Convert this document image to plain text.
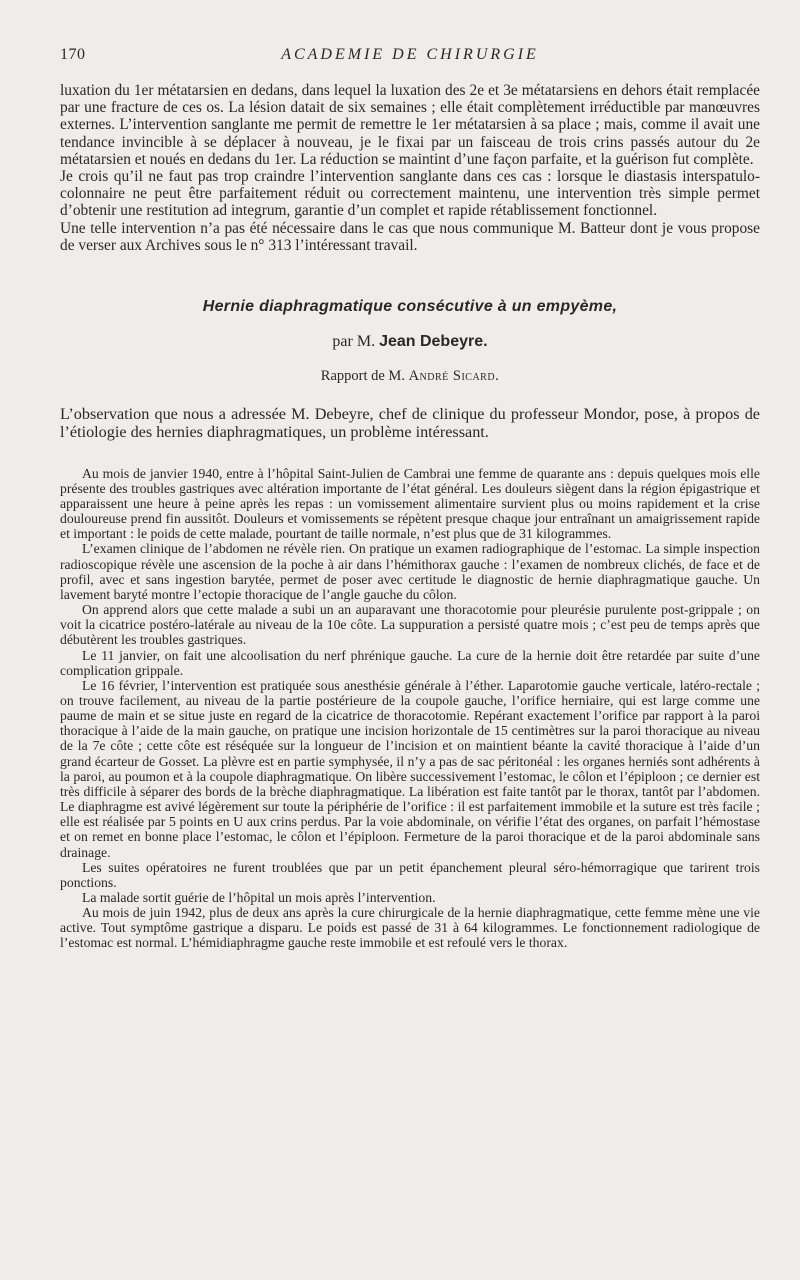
170	ACADEMIE DE CHIRURGIE

luxation du 1er métatarsien en dedans, dans lequel la luxation des 2e et 3e métatarsiens en dehors était remplacée par une fracture de ces os. La lésion datait de six semaines ; elle était complètement irréductible par manœuvres externes. L’intervention sanglante me permit de remettre le 1er métatarsien à sa place ; mais, comme il avait une tendance invincible à se déplacer à nouveau, je le fixai par un faisceau de trois crins passés autour du 2e métatarsien et noués en dedans du 1er. La réduction se maintint d’une façon parfaite, et la guérison fut complète.

Je crois qu’il ne faut pas trop craindre l’intervention sanglante dans ces cas : lorsque le diastasis interspatulo-colonnaire ne peut être parfaitement réduit ou correctement maintenu, une intervention très simple permet d’obtenir une restitution ad integrum, garantie d’un complet et rapide rétablissement fonctionnel.

Une telle intervention n’a pas été nécessaire dans le cas que nous communique M. Batteur dont je vous propose de verser aux Archives sous le n° 313 l’intéressant travail.

Hernie diaphragmatique consécutive à un empyème,
par M. Jean Debeyre.
Rapport de M. André Sicard.

L’observation que nous a adressée M. Debeyre, chef de clinique du professeur Mondor, pose, à propos de l’étiologie des hernies diaphragmatiques, un problème intéressant.

Au mois de janvier 1940, entre à l’hôpital Saint-Julien de Cambrai une femme de quarante ans : depuis quelques mois elle présente des troubles gastriques avec altération importante de l’état général. Les douleurs siègent dans la région épigastrique et apparaissent une heure à peine après les repas : un vomissement alimentaire survient plus ou moins rapidement et la crise douloureuse prend fin aussitôt. Douleurs et vomissements se répètent presque chaque jour entraînant un amaigrissement rapide et important : le poids de cette malade, pourtant de taille normale, n’est plus que de 31 kilogrammes.

L’examen clinique de l’abdomen ne révèle rien. On pratique un examen radiographique de l’estomac. La simple inspection radioscopique révèle une ascension de la poche à air dans l’hémithorax gauche : l’examen de nombreux clichés, de face et de profil, avec et sans ingestion barytée, permet de poser avec certitude le diagnostic de hernie diaphragmatique gauche. Un lavement baryté montre l’ectopie thoracique de l’angle gauche du côlon.

On apprend alors que cette malade a subi un an auparavant une thoracotomie pour pleurésie purulente post-grippale ; on voit la cicatrice postéro-latérale au niveau de la 10e côte. La suppuration a persisté quatre mois ; c’est peu de temps après que débutèrent les troubles gastriques.

Le 11 janvier, on fait une alcoolisation du nerf phrénique gauche. La cure de la hernie doit être retardée par suite d’une complication grippale.

Le 16 février, l’intervention est pratiquée sous anesthésie générale à l’éther. Laparotomie gauche verticale, latéro-rectale ; on trouve facilement, au niveau de la partie postérieure de la coupole gauche, l’orifice herniaire, qui est large comme une paume de main et se situe juste en regard de la cicatrice de thoracotomie. Repérant exactement l’orifice par rapport à la paroi thoracique à l’aide de la main gauche, on pratique une incision horizontale de 15 centimètres sur la paroi thoracique au niveau de la 7e côte ; cette côte est réséquée sur la longueur de l’incision et on maintient béante la cavité thoracique à l’aide d’un grand écarteur de Gosset. La plèvre est en partie symphysée, il n’y a pas de sac péritonéal : les organes herniés sont adhérents à la paroi, au poumon et à la coupole diaphragmatique. On libère successivement l’estomac, le côlon et l’épiploon ; ce dernier est très difficile à séparer des bords de la brèche diaphragmatique. La libération est faite tantôt par le thorax, tantôt par l’abdomen. Le diaphragme est avivé légèrement sur toute la périphérie de l’orifice : il est parfaitement immobile et la suture est très facile ; elle est réalisée par 5 points en U aux crins perdus. Par la voie abdominale, on vérifie l’état des organes, on parfait l’hémostase et on remet en bonne place l’estomac, le côlon et l’épiploon. Fermeture de la paroi thoracique et de la paroi abdominale sans drainage.

Les suites opératoires ne furent troublées que par un petit épanchement pleural séro-hémorragique que tarirent trois ponctions.

La malade sortit guérie de l’hôpital un mois après l’intervention.

Au mois de juin 1942, plus de deux ans après la cure chirurgicale de la hernie diaphragmatique, cette femme mène une vie active. Tout symptôme gastrique a disparu. Le poids est passé de 31 à 64 kilogrammes. Le fonctionnement radiologique de l’estomac est normal. L’hémidiaphragme gauche reste immobile et est refoulé vers le thorax.
